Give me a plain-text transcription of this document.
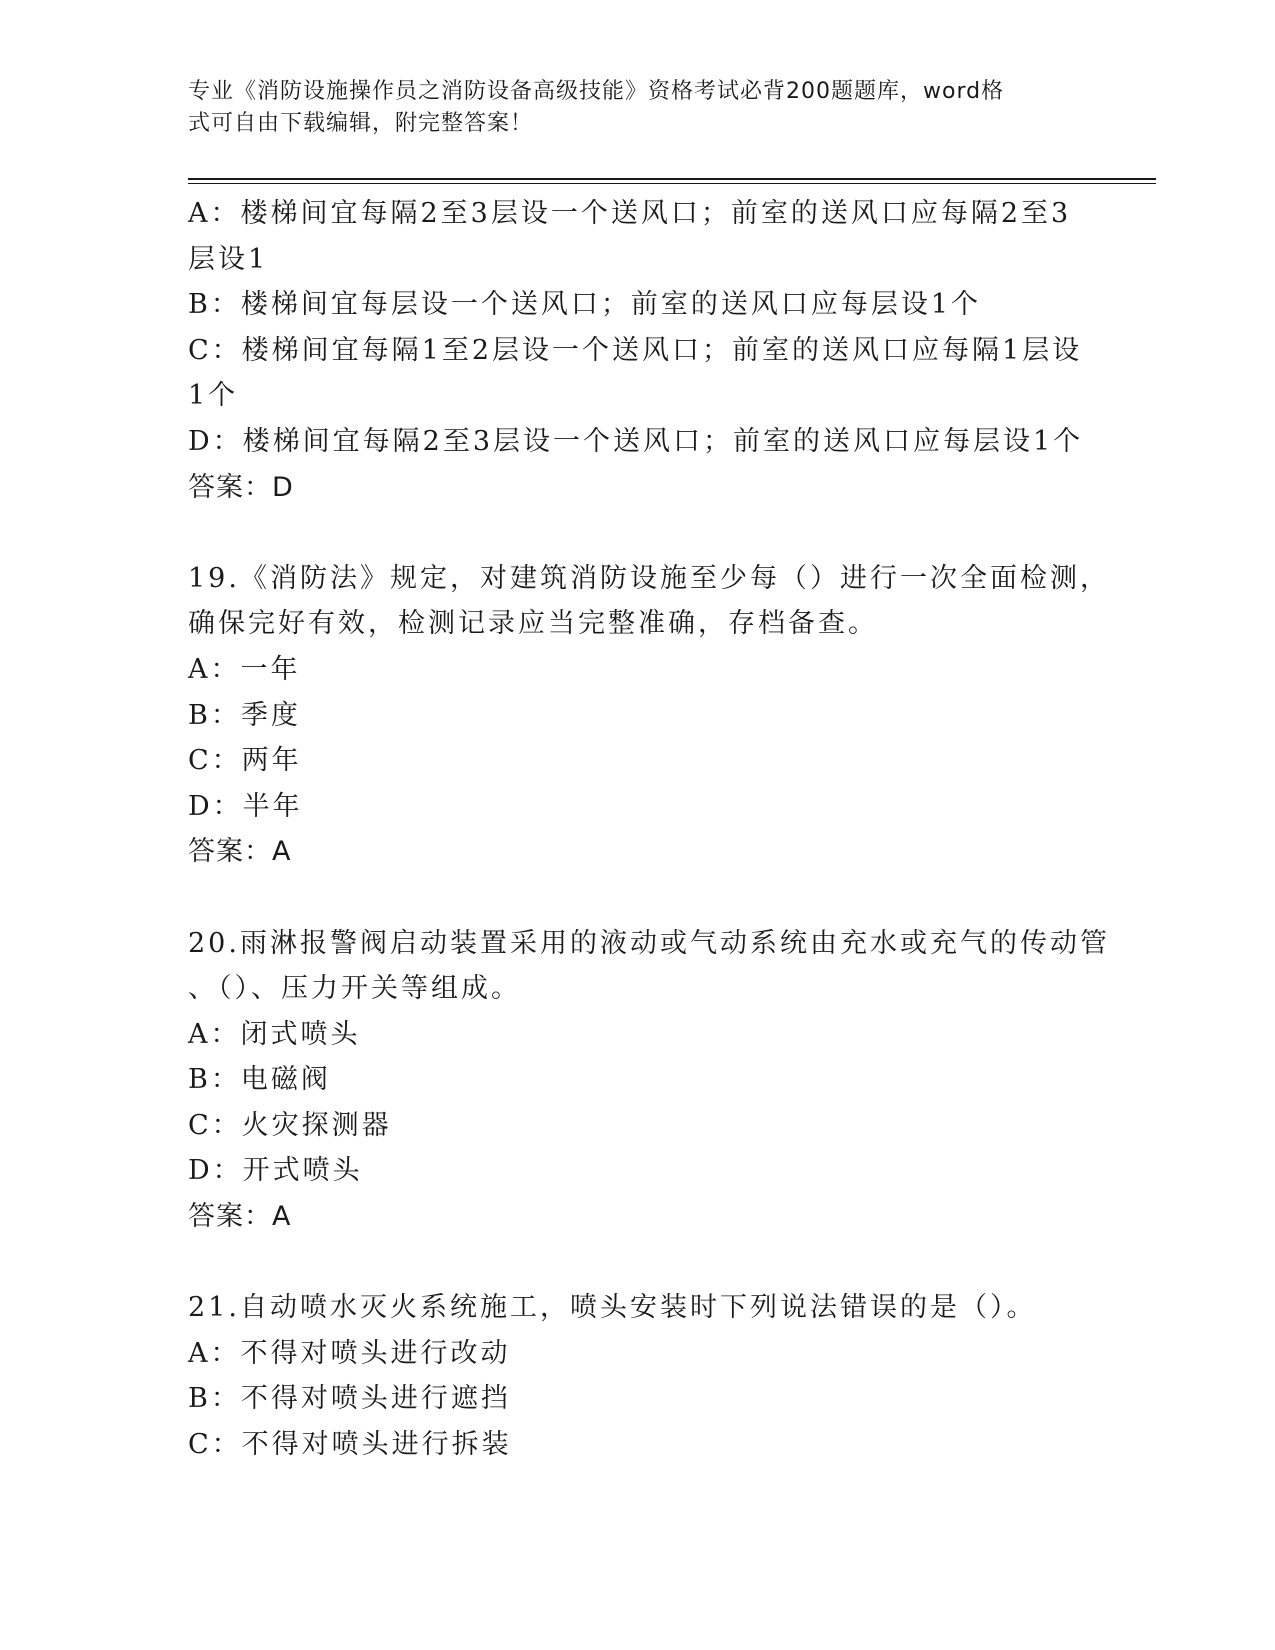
专业《消防设施操作员之消防设备高级技能》资格考试必背200题题库，word格
式可自由下载编辑，附完整答案！
A：楼梯间宜每隔2至3层设一个送风口；前室的送风口应每隔2至3
层设1
B：楼梯间宜每层设一个送风口；前室的送风口应每层设1个
C：楼梯间宜每隔1至2层设一个送风口；前室的送风口应每隔1层设
1个
D：楼梯间宜每隔2至3层设一个送风口；前室的送风口应每层设1个
答案：D
19.《消防法》规定，对建筑消防设施至少每（）进行一次全面检测，
确保完好有效，检测记录应当完整准确，存档备查。
A：一年
B：季度
C：两年
D：半年
答案：A
20.雨淋报警阀启动装置采用的液动或气动系统由充水或充气的传动管
、（）、压力开关等组成。
A：闭式喷头
B：电磁阀
C：火灾探测器
D：开式喷头
答案：A
21.自动喷水灭火系统施工，喷头安装时下列说法错误的是（）。
A：不得对喷头进行改动
B：不得对喷头进行遮挡
C：不得对喷头进行拆装
